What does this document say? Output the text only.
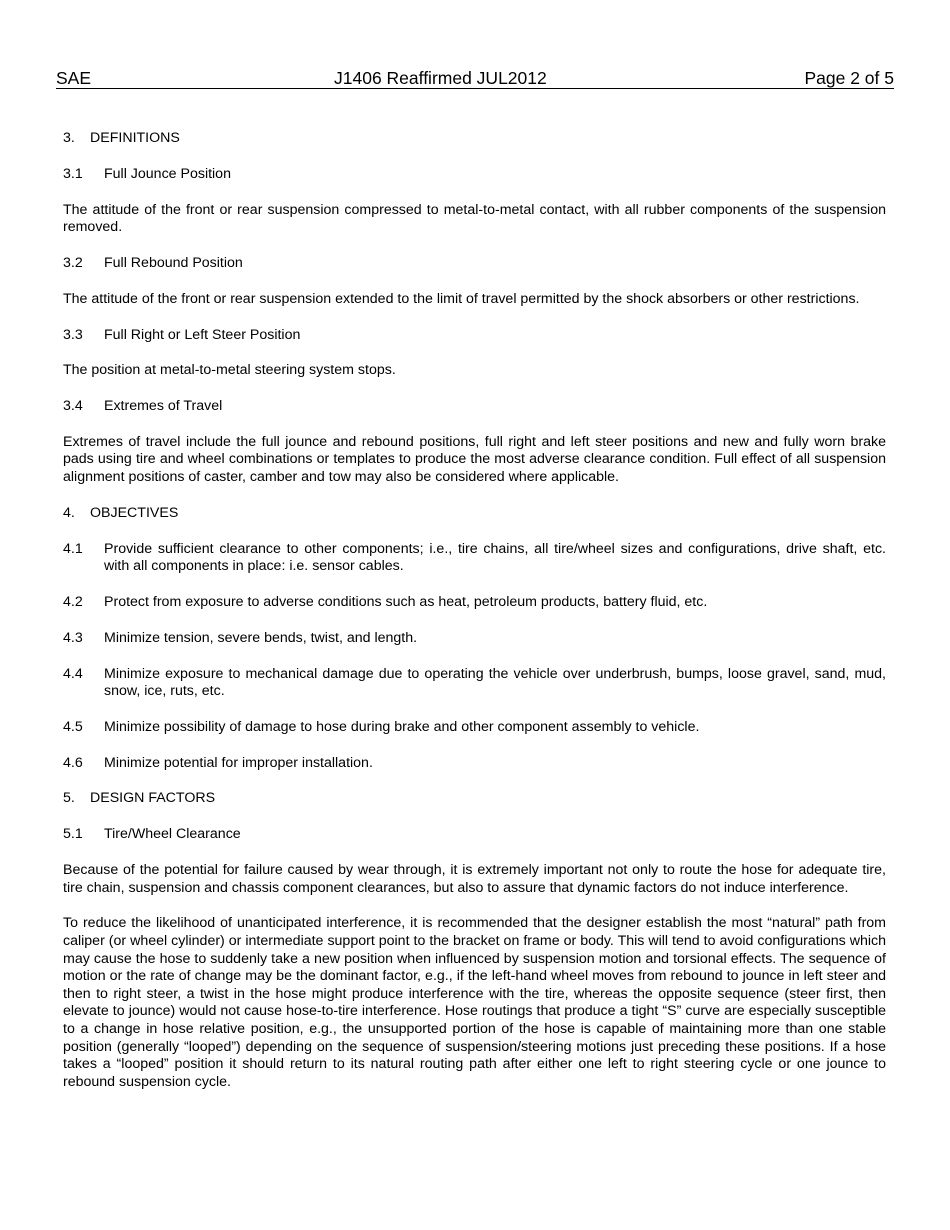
SAE	J1406 Reaffirmed JUL2012	Page 2 of 5
3.	DEFINITIONS
3.1	Full Jounce Position
The attitude of the front or rear suspension compressed to metal-to-metal contact, with all rubber components of the suspension removed.
3.2	Full Rebound Position
The attitude of the front or rear suspension extended to the limit of travel permitted by the shock absorbers or other restrictions.
3.3	Full Right or Left Steer Position
The position at metal-to-metal steering system stops.
3.4	Extremes of Travel
Extremes of travel include the full jounce and rebound positions, full right and left steer positions and new and fully worn brake pads using tire and wheel combinations or templates to produce the most adverse clearance condition. Full effect of all suspension alignment positions of caster, camber and tow may also be considered where applicable.
4.	OBJECTIVES
4.1	Provide sufficient clearance to other components; i.e., tire chains, all tire/wheel sizes and configurations, drive shaft, etc. with all components in place: i.e. sensor cables.
4.2	Protect from exposure to adverse conditions such as heat, petroleum products, battery fluid, etc.
4.3	Minimize tension, severe bends, twist, and length.
4.4	Minimize exposure to mechanical damage due to operating the vehicle over underbrush, bumps, loose gravel, sand, mud, snow, ice, ruts, etc.
4.5	Minimize possibility of damage to hose during brake and other component assembly to vehicle.
4.6	Minimize potential for improper installation.
5.	DESIGN FACTORS
5.1	Tire/Wheel Clearance
Because of the potential for failure caused by wear through, it is extremely important not only to route the hose for adequate tire, tire chain, suspension and chassis component clearances, but also to assure that dynamic factors do not induce interference.
To reduce the likelihood of unanticipated interference, it is recommended that the designer establish the most “natural” path from caliper (or wheel cylinder) or intermediate support point to the bracket on frame or body. This will tend to avoid configurations which may cause the hose to suddenly take a new position when influenced by suspension motion and torsional effects. The sequence of motion or the rate of change may be the dominant factor, e.g., if the left-hand wheel moves from rebound to jounce in left steer and then to right steer, a twist in the hose might produce interference with the tire, whereas the opposite sequence (steer first, then elevate to jounce) would not cause hose-to-tire interference. Hose routings that produce a tight “S” curve are especially susceptible to a change in hose relative position, e.g., the unsupported portion of the hose is capable of maintaining more than one stable position (generally “looped”) depending on the sequence of suspension/steering motions just preceding these positions. If a hose takes a “looped” position it should return to its natural routing path after either one left to right steering cycle or one jounce to rebound suspension cycle.
